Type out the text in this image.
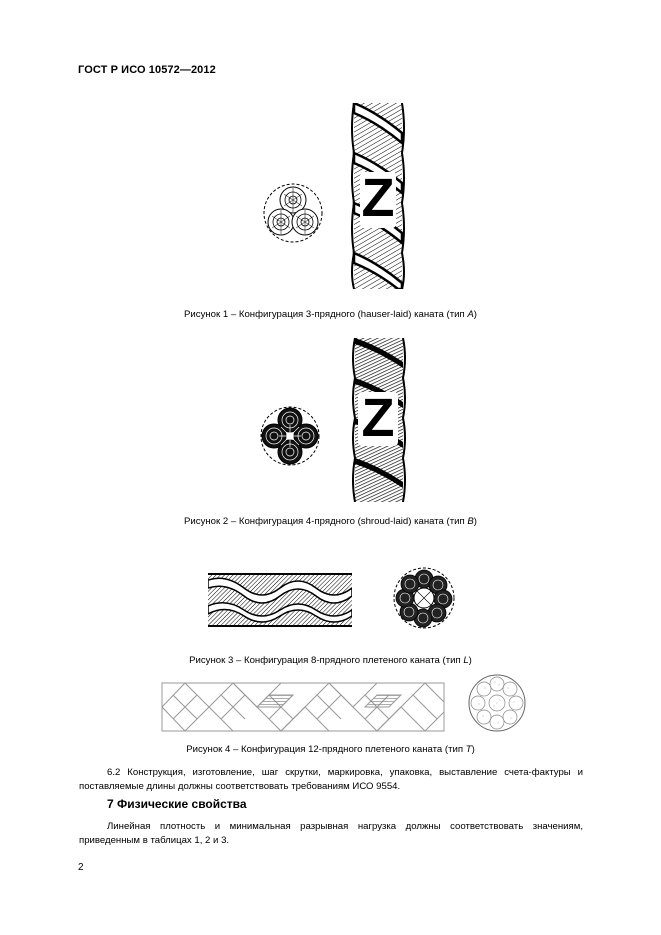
ГОСТ Р ИСО 10572—2012
Z
Рисунок 1 – Конфигурация 3-прядного (hauser-laid) каната (тип A)
Z
Рисунок 2 – Конфигурация 4-прядного (shroud-laid) каната (тип B)
Рисунок 3 – Конфигурация 8-прядного плетеного каната (тип L)
Рисунок 4 – Конфигурация 12-прядного плетеного каната (тип T)
6.2 Конструкция, изготовление, шаг скрутки, маркировка, упаковка, выставление счета-фактуры и поставляемые длины должны соответствовать требованиям ИСО 9554.
7 Физические свойства
Линейная плотность и минимальная разрывная нагрузка должны соответствовать значениям, приведенным в таблицах 1, 2 и 3.
2
